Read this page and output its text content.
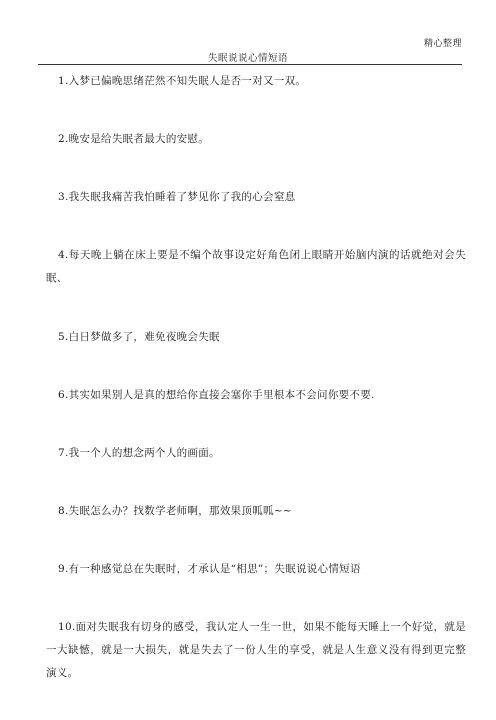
精心整理
失眠说说心情短语

1.入梦已偏晚思绪茫然不知失眠人是否一对又一双。

2.晚安是给失眠者最大的安慰。

3.我失眠我痛苦我怕睡着了梦见你了我的心会窒息

4.每天晚上躺在床上要是不编个故事设定好角色闭上眼睛开始脑内演的话就绝对会失眠、

5.白日梦做多了，难免夜晚会失眠

6.其实如果别人是真的想给你直接会塞你手里根本不会问你要不要.

7.我一个人的想念两个人的画面。

8.失眠怎么办？找数学老师啊，那效果顶呱呱~~

9.有一种感觉总在失眠时，才承认是“相思”；失眠说说心情短语

10.面对失眠我有切身的感受，我认定人一生一世，如果不能每天睡上一个好觉，就是一大缺憾，就是一大损失，就是失去了一份人生的享受，就是人生意义没有得到更完整演义。
